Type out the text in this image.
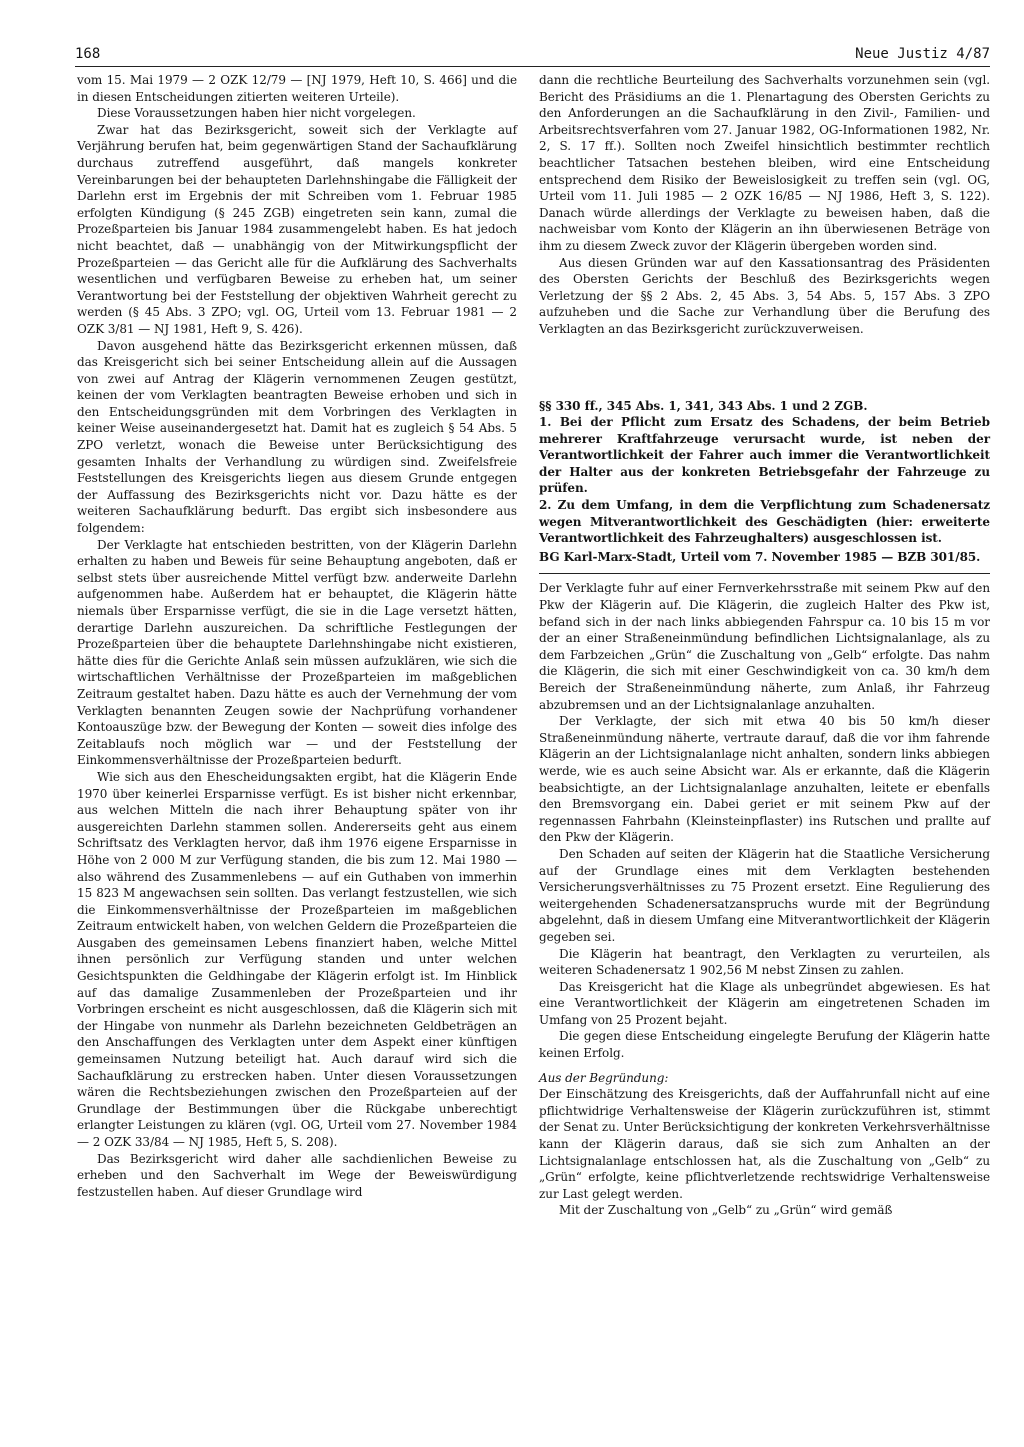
168	Neue Justiz 4/87

vom 15. Mai 1979 — 2 OZK 12/79 — [NJ 1979, Heft 10, S. 466] und die in diesen Entscheidungen zitierten weiteren Urteile).

Diese Voraussetzungen haben hier nicht vorgelegen.

Zwar hat das Bezirksgericht, soweit sich der Verklagte auf Verjährung berufen hat, beim gegenwärtigen Stand der Sachaufklärung durchaus zutreffend ausgeführt, daß mangels konkreter Vereinbarungen bei der behaupteten Darlehnshingabe die Fälligkeit der Darlehn erst im Ergebnis der mit Schreiben vom 1. Februar 1985 erfolgten Kündigung (§ 245 ZGB) eingetreten sein kann, zumal die Prozeßparteien bis Januar 1984 zusammengelebt haben. Es hat jedoch nicht beachtet, daß — unabhängig von der Mitwirkungspflicht der Prozeßparteien — das Gericht alle für die Aufklärung des Sachverhalts wesentlichen und verfügbaren Beweise zu erheben hat, um seiner Verantwortung bei der Feststellung der objektiven Wahrheit gerecht zu werden (§ 45 Abs. 3 ZPO; vgl. OG, Urteil vom 13. Februar 1981 — 2 OZK 3/81 — NJ 1981, Heft 9, S. 426).

Davon ausgehend hätte das Bezirksgericht erkennen müssen, daß das Kreisgericht sich bei seiner Entscheidung allein auf die Aussagen von zwei auf Antrag der Klägerin vernommenen Zeugen gestützt, keinen der vom Verklagten beantragten Beweise erhoben und sich in den Entscheidungsgründen mit dem Vorbringen des Verklagten in keiner Weise auseinandergesetzt hat. Damit hat es zugleich § 54 Abs. 5 ZPO verletzt, wonach die Beweise unter Berücksichtigung des gesamten Inhalts der Verhandlung zu würdigen sind. Zweifelsfreie Feststellungen des Kreisgerichts liegen aus diesem Grunde entgegen der Auffassung des Bezirksgerichts nicht vor. Dazu hätte es der weiteren Sachaufklärung bedurft. Das ergibt sich insbesondere aus folgendem:

Der Verklagte hat entschieden bestritten, von der Klägerin Darlehn erhalten zu haben und Beweis für seine Behauptung angeboten, daß er selbst stets über ausreichende Mittel verfügt bzw. anderweite Darlehn aufgenommen habe. Außerdem hat er behauptet, die Klägerin hätte niemals über Ersparnisse verfügt, die sie in die Lage versetzt hätten, derartige Darlehn auszureichen. Da schriftliche Festlegungen der Prozeßparteien über die behauptete Darlehnshingabe nicht existieren, hätte dies für die Gerichte Anlaß sein müssen aufzuklären, wie sich die wirtschaftlichen Verhältnisse der Prozeßparteien im maßgeblichen Zeitraum gestaltet haben. Dazu hätte es auch der Vernehmung der vom Verklagten benannten Zeugen sowie der Nachprüfung vorhandener Kontoauszüge bzw. der Bewegung der Konten — soweit dies infolge des Zeitablaufs noch möglich war — und der Feststellung der Einkommensverhältnisse der Prozeßparteien bedurft.

Wie sich aus den Ehescheidungsakten ergibt, hat die Klägerin Ende 1970 über keinerlei Ersparnisse verfügt. Es ist bisher nicht erkennbar, aus welchen Mitteln die nach ihrer Behauptung später von ihr ausgereichten Darlehn stammen sollen. Andererseits geht aus einem Schriftsatz des Verklagten hervor, daß ihm 1976 eigene Ersparnisse in Höhe von 2 000 M zur Verfügung standen, die bis zum 12. Mai 1980 — also während des Zusammenlebens — auf ein Guthaben von immerhin 15 823 M angewachsen sein sollten. Das verlangt festzustellen, wie sich die Einkommensverhältnisse der Prozeßparteien im maßgeblichen Zeitraum entwickelt haben, von welchen Geldern die Prozeßparteien die Ausgaben des gemeinsamen Lebens finanziert haben, welche Mittel ihnen persönlich zur Verfügung standen und unter welchen Gesichtspunkten die Geldhingabe der Klägerin erfolgt ist. Im Hinblick auf das damalige Zusammenleben der Prozeßparteien und ihr Vorbringen erscheint es nicht ausgeschlossen, daß die Klägerin sich mit der Hingabe von nunmehr als Darlehn bezeichneten Geldbeträgen an den Anschaffungen des Verklagten unter dem Aspekt einer künftigen gemeinsamen Nutzung beteiligt hat. Auch darauf wird sich die Sachaufklärung zu erstrecken haben. Unter diesen Voraussetzungen wären die Rechtsbeziehungen zwischen den Prozeßparteien auf der Grundlage der Bestimmungen über die Rückgabe unberechtigt erlangter Leistungen zu klären (vgl. OG, Urteil vom 27. November 1984 — 2 OZK 33/84 — NJ 1985, Heft 5, S. 208).

Das Bezirksgericht wird daher alle sachdienlichen Beweise zu erheben und den Sachverhalt im Wege der Beweiswürdigung festzustellen haben. Auf dieser Grundlage wird

dann die rechtliche Beurteilung des Sachverhalts vorzunehmen sein (vgl. Bericht des Präsidiums an die 1. Plenartagung des Obersten Gerichts zu den Anforderungen an die Sachaufklärung in den Zivil-, Familien- und Arbeitsrechtsverfahren vom 27. Januar 1982, OG-Informationen 1982, Nr. 2, S. 17 ff.). Sollten noch Zweifel hinsichtlich bestimmter rechtlich beachtlicher Tatsachen bestehen bleiben, wird eine Entscheidung entsprechend dem Risiko der Beweislosigkeit zu treffen sein (vgl. OG, Urteil vom 11. Juli 1985 — 2 OZK 16/85 — NJ 1986, Heft 3, S. 122). Danach würde allerdings der Verklagte zu beweisen haben, daß die nachweisbar vom Konto der Klägerin an ihn überwiesenen Beträge von ihm zu diesem Zweck zuvor der Klägerin übergeben worden sind.

Aus diesen Gründen war auf den Kassationsantrag des Präsidenten des Obersten Gerichts der Beschluß des Bezirksgerichts wegen Verletzung der §§ 2 Abs. 2, 45 Abs. 3, 54 Abs. 5, 157 Abs. 3 ZPO aufzuheben und die Sache zur Verhandlung über die Berufung des Verklagten an das Bezirksgericht zurückzuverweisen.

§§ 330 ff., 345 Abs. 1, 341, 343 Abs. 1 und 2 ZGB.

1. Bei der Pflicht zum Ersatz des Schadens, der beim Betrieb mehrerer Kraftfahrzeuge verursacht wurde, ist neben der Verantwortlichkeit der Fahrer auch immer die Verantwortlichkeit der Halter aus der konkreten Betriebsgefahr der Fahrzeuge zu prüfen.

2. Zu dem Umfang, in dem die Verpflichtung zum Schadenersatz wegen Mitverantwortlichkeit des Geschädigten (hier: erweiterte Verantwortlichkeit des Fahrzeughalters) ausgeschlossen ist.

BG Karl-Marx-Stadt, Urteil vom 7. November 1985 — BZB 301/85.

Der Verklagte fuhr auf einer Fernverkehrsstraße mit seinem Pkw auf den Pkw der Klägerin auf. Die Klägerin, die zugleich Halter des Pkw ist, befand sich in der nach links abbiegenden Fahrspur ca. 10 bis 15 m vor der an einer Straßeneinmündung befindlichen Lichtsignalanlage, als zu dem Farbzeichen „Grün“ die Zuschaltung von „Gelb“ erfolgte. Das nahm die Klägerin, die sich mit einer Geschwindigkeit von ca. 30 km/h dem Bereich der Straßeneinmündung näherte, zum Anlaß, ihr Fahrzeug abzubremsen und an der Lichtsignalanlage anzuhalten.

Der Verklagte, der sich mit etwa 40 bis 50 km/h dieser Straßeneinmündung näherte, vertraute darauf, daß die vor ihm fahrende Klägerin an der Lichtsignalanlage nicht anhalten, sondern links abbiegen werde, wie es auch seine Absicht war. Als er erkannte, daß die Klägerin beabsichtigte, an der Lichtsignalanlage anzuhalten, leitete er ebenfalls den Bremsvorgang ein. Dabei geriet er mit seinem Pkw auf der regennassen Fahrbahn (Kleinsteinpflaster) ins Rutschen und prallte auf den Pkw der Klägerin.

Den Schaden auf seiten der Klägerin hat die Staatliche Versicherung auf der Grundlage eines mit dem Verklagten bestehenden Versicherungsverhältnisses zu 75 Prozent ersetzt. Eine Regulierung des weitergehenden Schadenersatzanspruchs wurde mit der Begründung abgelehnt, daß in diesem Umfang eine Mitverantwortlichkeit der Klägerin gegeben sei.

Die Klägerin hat beantragt, den Verklagten zu verurteilen, als weiteren Schadenersatz 1 902,56 M nebst Zinsen zu zahlen.

Das Kreisgericht hat die Klage als unbegründet abgewiesen. Es hat eine Verantwortlichkeit der Klägerin am eingetretenen Schaden im Umfang von 25 Prozent bejaht.

Die gegen diese Entscheidung eingelegte Berufung der Klägerin hatte keinen Erfolg.

Aus der Begründung:

Der Einschätzung des Kreisgerichts, daß der Auffahrunfall nicht auf eine pflichtwidrige Verhaltensweise der Klägerin zurückzuführen ist, stimmt der Senat zu. Unter Berücksichtigung der konkreten Verkehrsverhältnisse kann der Klägerin daraus, daß sie sich zum Anhalten an der Lichtsignalanlage entschlossen hat, als die Zuschaltung von „Gelb“ zu „Grün“ erfolgte, keine pflichtverletzende rechtswidrige Verhaltensweise zur Last gelegt werden.

Mit der Zuschaltung von „Gelb“ zu „Grün“ wird gemäß
